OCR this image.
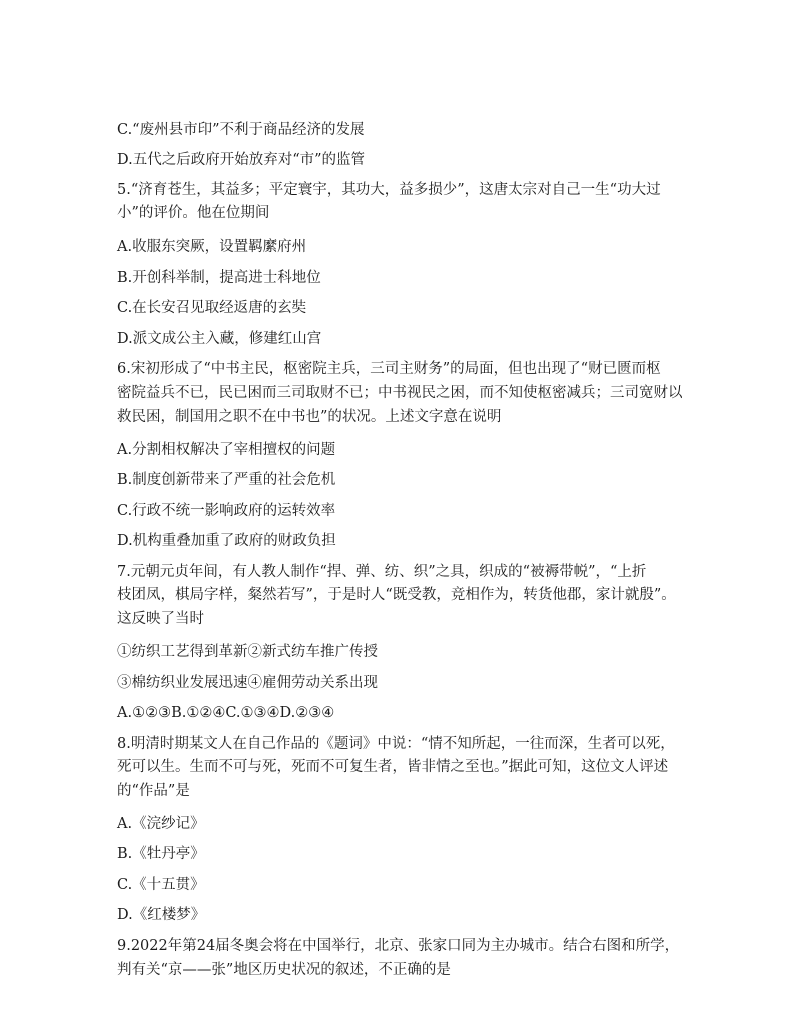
C.“废州县市印”不利于商品经济的发展
D.五代之后政府开始放弃对“市”的监管
5.“济育苍生，其益多；平定寰宇，其功大，益多损少”，这唐太宗对自己一生“功大过
小”的评价。他在位期间
A.收服东突厥，设置羁縻府州
B.开创科举制，提高进士科地位
C.在长安召见取经返唐的玄奘
D.派文成公主入藏，修建红山宫
6.宋初形成了“中书主民，枢密院主兵，三司主财务”的局面，但也出现了“财已匮而枢
密院益兵不已，民已困而三司取财不已；中书视民之困，而不知使枢密减兵；三司宽财以
救民困，制国用之职不在中书也”的状况。上述文字意在说明
A.分割相权解决了宰相擅权的问题
B.制度创新带来了严重的社会危机
C.行政不统一影响政府的运转效率
D.机构重叠加重了政府的财政负担
7.元朝元贞年间，有人教人制作“捍、弹、纺、织”之具，织成的“被褥带帨”，“上折
枝团凤，棋局字样，粲然若写”，于是时人“既受教，竞相作为，转货他郡，家计就殷”。
这反映了当时
①纺织工艺得到革新②新式纺车推广传授
③棉纺织业发展迅速④雇佣劳动关系出现
A.①②③B.①②④C.①③④D.②③④
8.明清时期某文人在自己作品的《题词》中说：“情不知所起，一往而深，生者可以死，
死可以生。生而不可与死，死而不可复生者，皆非情之至也。”据此可知，这位文人评述
的“作品”是
A.《浣纱记》
B.《牡丹亭》
C.《十五贯》
D.《红楼梦》
9.2022年第24届冬奥会将在中国举行，北京、张家口同为主办城市。结合右图和所学，
判有关“京——张”地区历史状况的叙述，不正确的是
